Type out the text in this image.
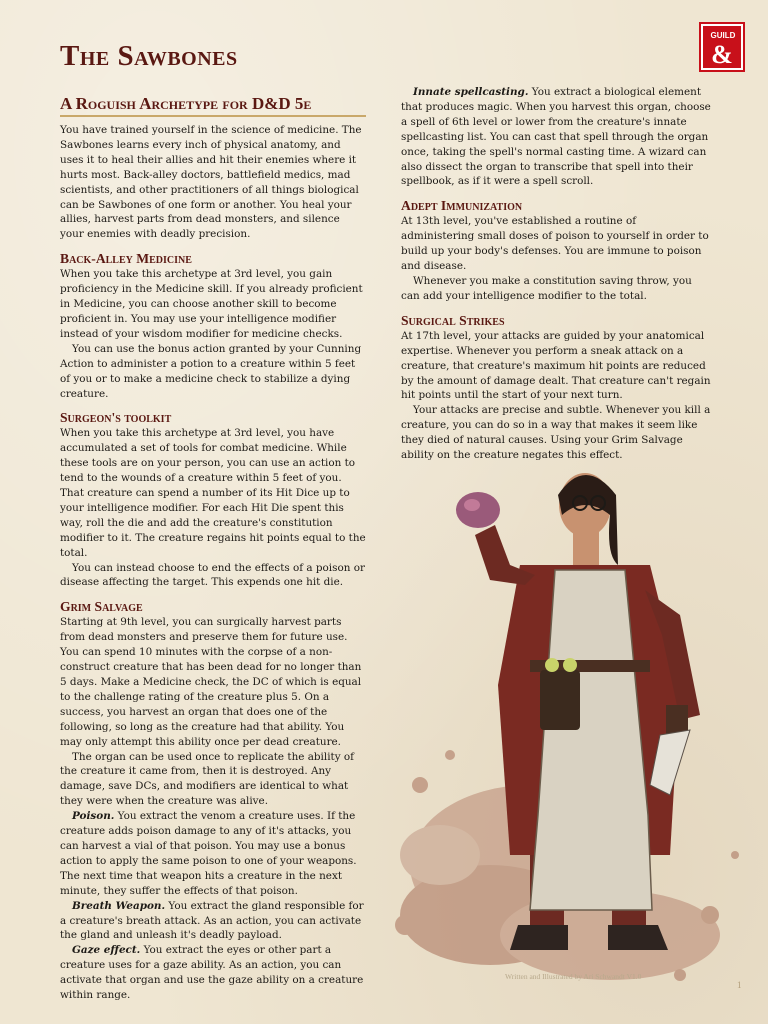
The Sawbones
GUILD
&
A Roguish Archetype for D&D 5e

You have trained yourself in the science of medicine. The Sawbones learns every inch of physical anatomy, and uses it to heal their allies and hit their enemies where it hurts most. Back-alley doctors, battlefield medics, mad scientists, and other practitioners of all things biological can be Sawbones of one form or another. You heal your allies, harvest parts from dead monsters, and silence your enemies with deadly precision.

Back-Alley Medicine

When you take this archetype at 3rd level, you gain proficiency in the Medicine skill. If you already proficient in Medicine, you can choose another skill to become proficient in. You may use your intelligence modifier instead of your wisdom modifier for medicine checks.

You can use the bonus action granted by your Cunning Action to administer a potion to a creature within 5 feet of you or to make a medicine check to stabilize a dying creature.

Surgeon's toolkit

When you take this archetype at 3rd level, you have accumulated a set of tools for combat medicine. While these tools are on your person, you can use an action to tend to the wounds of a creature within 5 feet of you. That creature can spend a number of its Hit Dice up to your intelligence modifier. For each Hit Die spent this way, roll the die and add the creature's constitution modifier to it. The creature regains hit points equal to the total.

You can instead choose to end the effects of a poison or disease affecting the target. This expends one hit die.

Grim Salvage

Starting at 9th level, you can surgically harvest parts from dead monsters and preserve them for future use. You can spend 10 minutes with the corpse of a non-construct creature that has been dead for no longer than 5 days. Make a Medicine check, the DC of which is equal to the challenge rating of the creature plus 5. On a success, you harvest an organ that does one of the following, so long as the creature had that ability. You may only attempt this ability once per dead creature.

The organ can be used once to replicate the ability of the creature it came from, then it is destroyed. Any damage, save DCs, and modifiers are identical to what they were when the creature was alive.

Poison. You extract the venom a creature uses. If the creature adds poison damage to any of it's attacks, you can harvest a vial of that poison. You may use a bonus action to apply the same poison to one of your weapons. The next time that weapon hits a creature in the next minute, they suffer the effects of that poison.

Breath Weapon. You extract the gland responsible for a creature's breath attack. As an action, you can activate the gland and unleash it's deadly payload.

Gaze effect. You extract the eyes or other part a creature uses for a gaze ability. As an action, you can activate that organ and use the gaze ability on a creature within range.

Innate spellcasting. You extract a biological element that produces magic. When you harvest this organ, choose a spell of 6th level or lower from the creature's innate spellcasting list. You can cast that spell through the organ once, taking the spell's normal casting time. A wizard can also dissect the organ to transcribe that spell into their spellbook, as if it were a spell scroll.

Adept Immunization

At 13th level, you've established a routine of administering small doses of poison to yourself in order to build up your body's defenses. You are immune to poison and disease.

Whenever you make a constitution saving throw, you can add your intelligence modifier to the total.

Surgical Strikes

At 17th level, your attacks are guided by your anatomical expertise. Whenever you perform a sneak attack on a creature, that creature's maximum hit points are reduced by the amount of damage dealt. That creature can't regain hit points until the start of your next turn.

Your attacks are precise and subtle. Whenever you kill a creature, you can do so in a way that makes it seem like they died of natural causes. Using your Grim Salvage ability on the creature negates this effect.

Written and Illustrated by Ari Schwandt V1.0
1
